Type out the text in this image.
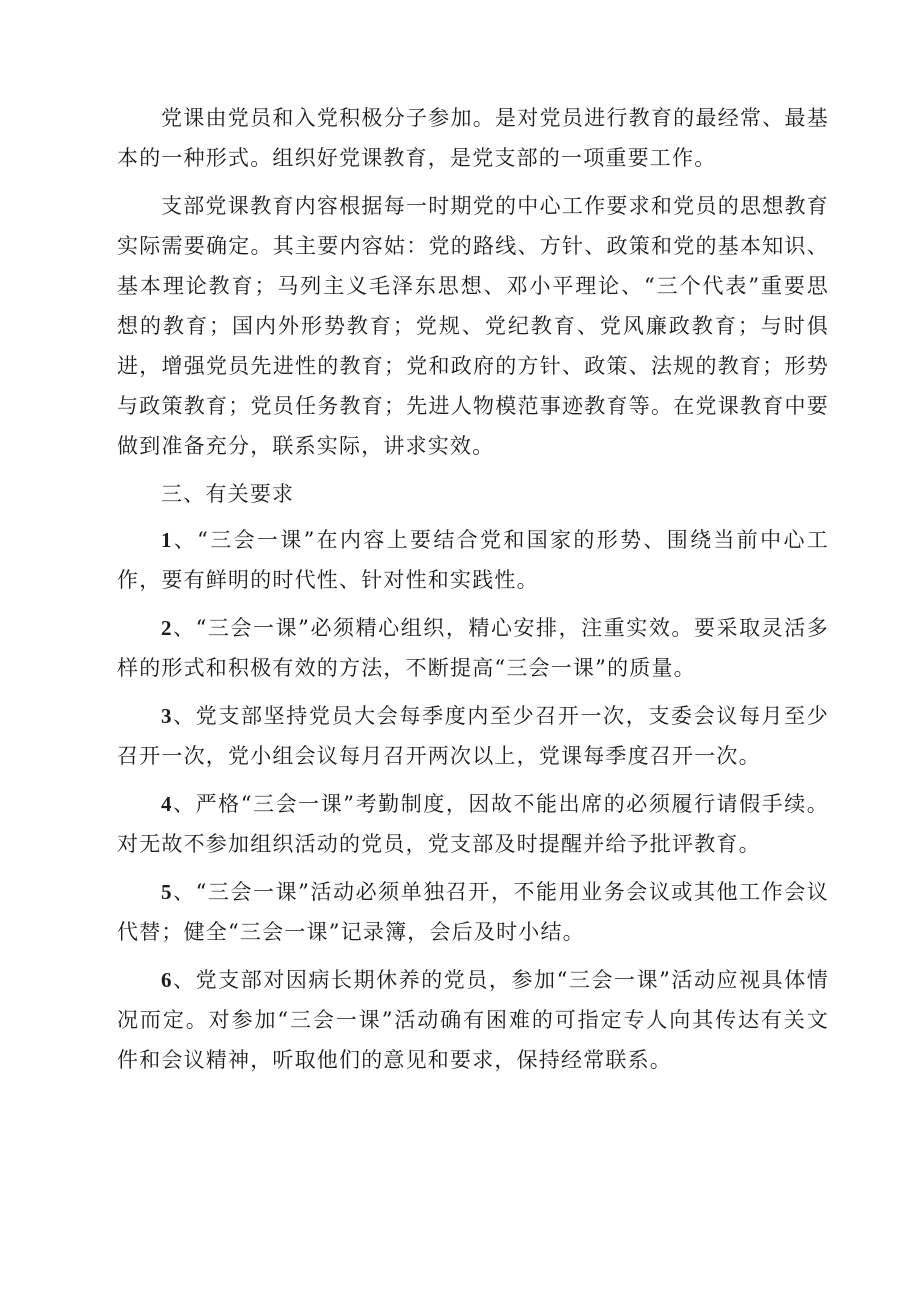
党课由党员和入党积极分子参加。是对党员进行教育的最经常、最基本的一种形式。组织好党课教育，是党支部的一项重要工作。

支部党课教育内容根据每一时期党的中心工作要求和党员的思想教育实际需要确定。其主要内容姑：党的路线、方针、政策和党的基本知识、基本理论教育；马列主义毛泽东思想、邓小平理论、“三个代表”重要思想的教育；国内外形势教育；党规、党纪教育、党风廉政教育；与时俱进，增强党员先进性的教育；党和政府的方针、政策、法规的教育；形势与政策教育；党员任务教育；先进人物模范事迹教育等。在党课教育中要做到准备充分，联系实际，讲求实效。

三、有关要求

1、“三会一课”在内容上要结合党和国家的形势、围绕当前中心工作，要有鲜明的时代性、针对性和实践性。

2、“三会一课”必须精心组织，精心安排，注重实效。要采取灵活多样的形式和积极有效的方法，不断提高“三会一课”的质量。

3、党支部坚持党员大会每季度内至少召开一次，支委会议每月至少召开一次，党小组会议每月召开两次以上，党课每季度召开一次。

4、严格“三会一课”考勤制度，因故不能出席的必须履行请假手续。对无故不参加组织活动的党员，党支部及时提醒并给予批评教育。

5、“三会一课”活动必须单独召开，不能用业务会议或其他工作会议代替；健全“三会一课”记录簿，会后及时小结。

6、党支部对因病长期休养的党员，参加“三会一课”活动应视具体情况而定。对参加“三会一课”活动确有困难的可指定专人向其传达有关文件和会议精神，听取他们的意见和要求，保持经常联系。
